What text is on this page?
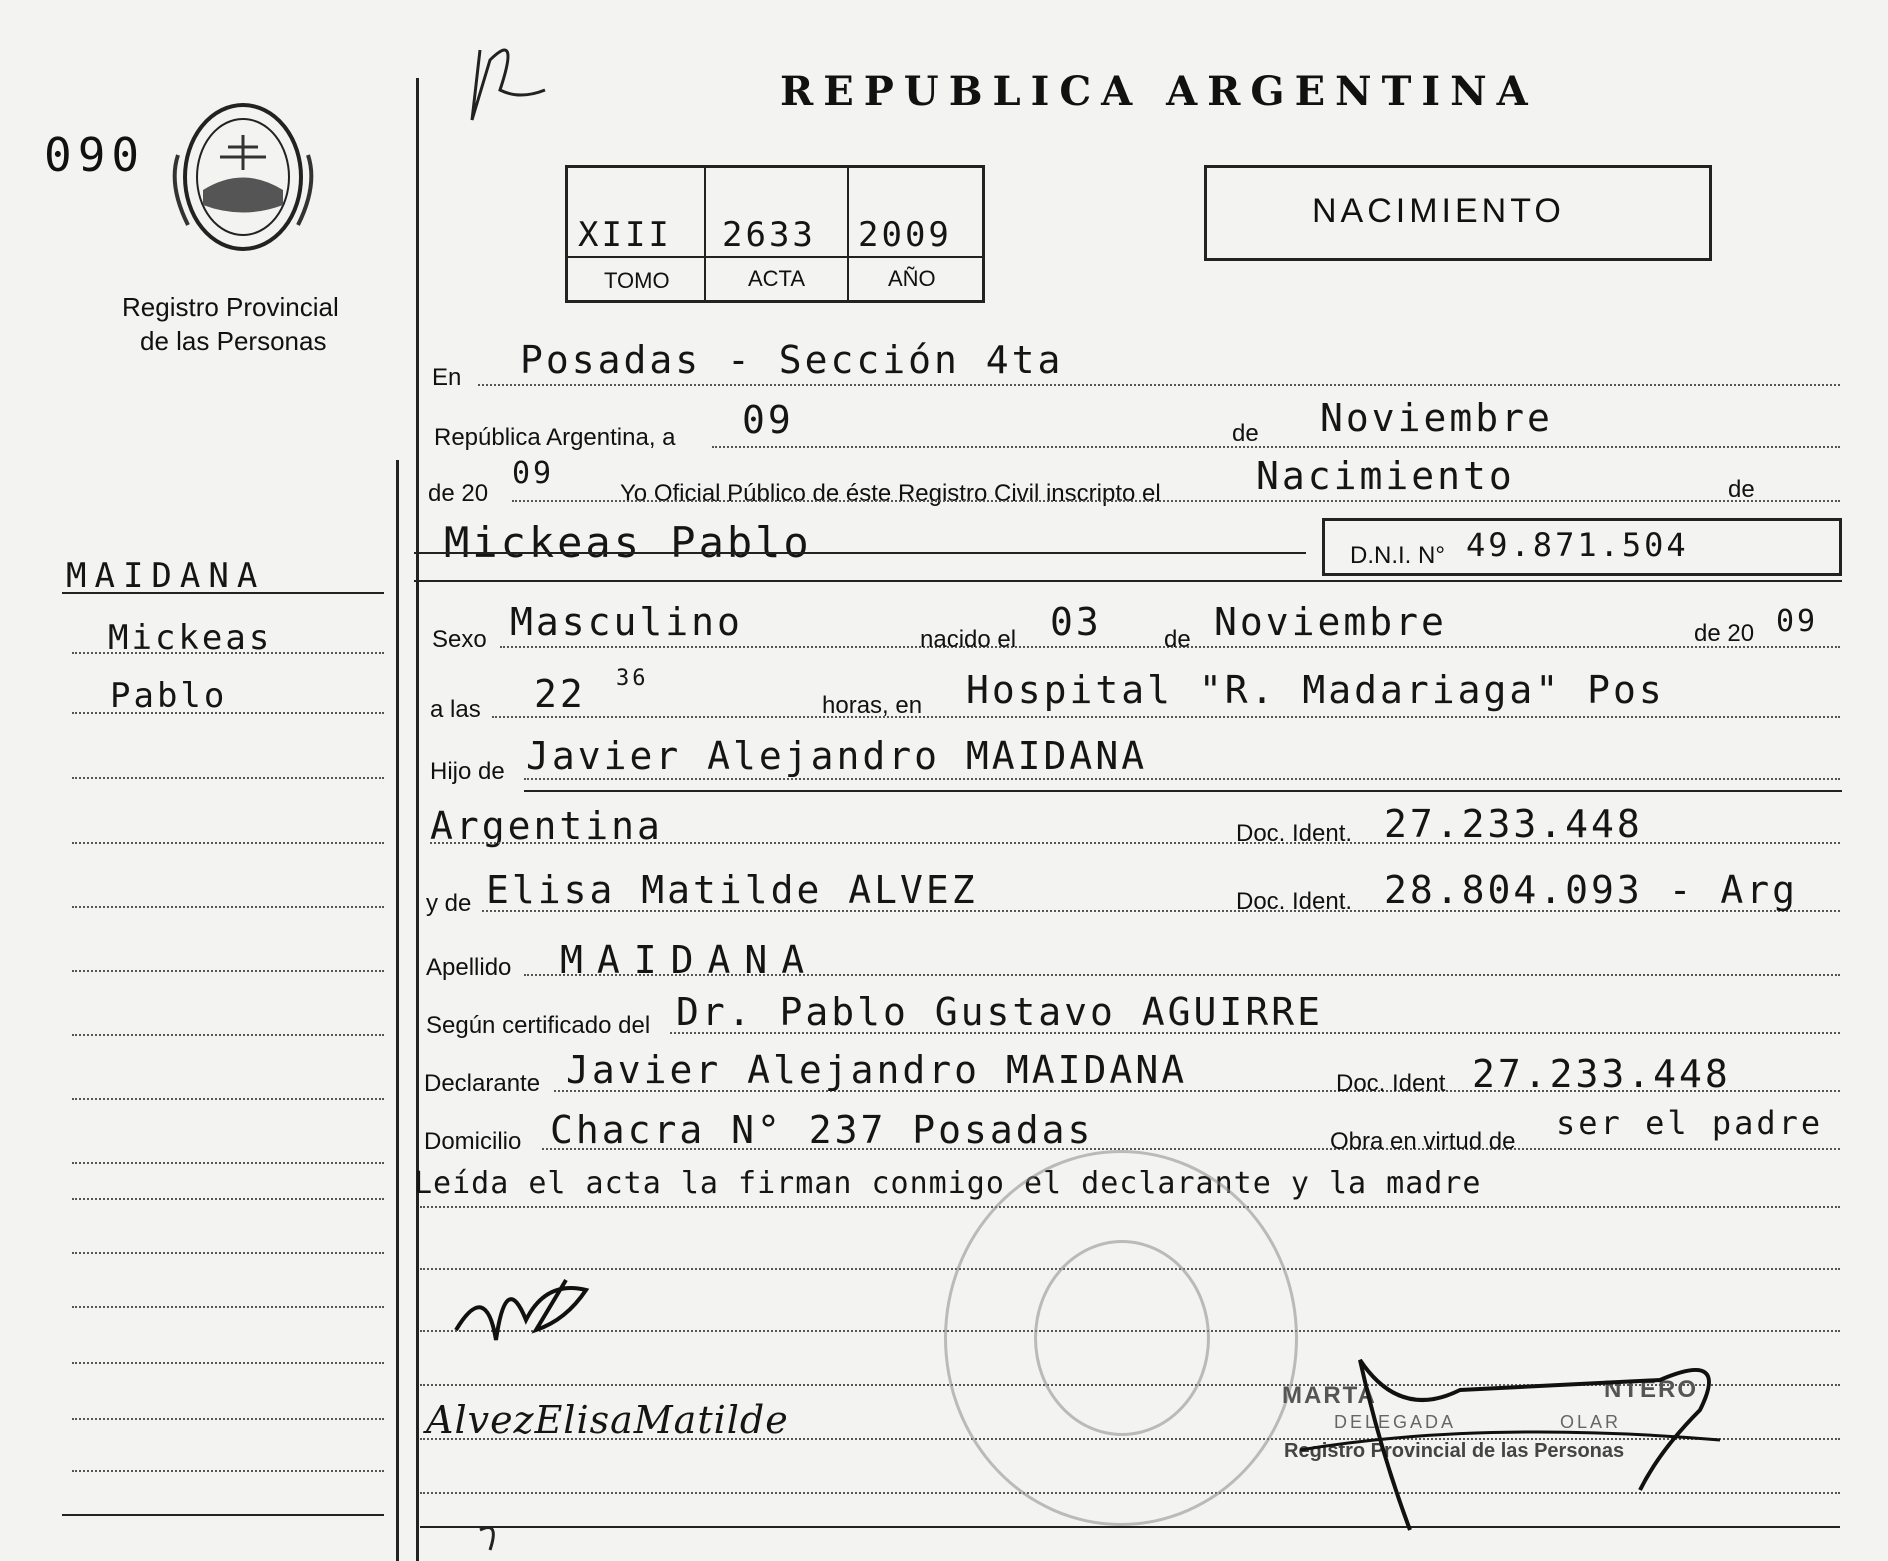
090
Registro Provincial
de las Personas
MAIDANA
Mickeas
Pablo
REPUBLICA ARGENTINA
XIII 2633 2009
TOMO	ACTA	AÑO
NACIMIENTO
En Posadas - Sección 4ta
República Argentina, a 09	de Noviembre
de 20
09
Yo Oficial Público de éste Registro Civil inscripto el	Nacimiento	de
Mickeas Pablo	D.N.I. N° 49.871.504
Sexo Masculino	nacido el 03	de Noviembre	de 20 09
a las 22 36
horas, en Hospital "R. Madariaga" Pos
Hijo de Javier Alejandro MAIDANA
Argentina	Doc. Ident. 27.233.448
y de Elisa Matilde ALVEZ	Doc. Ident. 28.804.093 - Arg
Apellido MAIDANA
Según certificado del Dr. Pablo Gustavo AGUIRRE
Declarante Javier Alejandro MAIDANA	Doc. Ident 27.233.448
Domicilio Chacra N° 237 Posadas	Obra en virtud de ser el padre
Leída el acta la firman conmigo el declarante y la madre
AlvezElisaMatilde
MARTA	NTERO
DELEGADA	OLAR
Registro Provincial de las Personas
